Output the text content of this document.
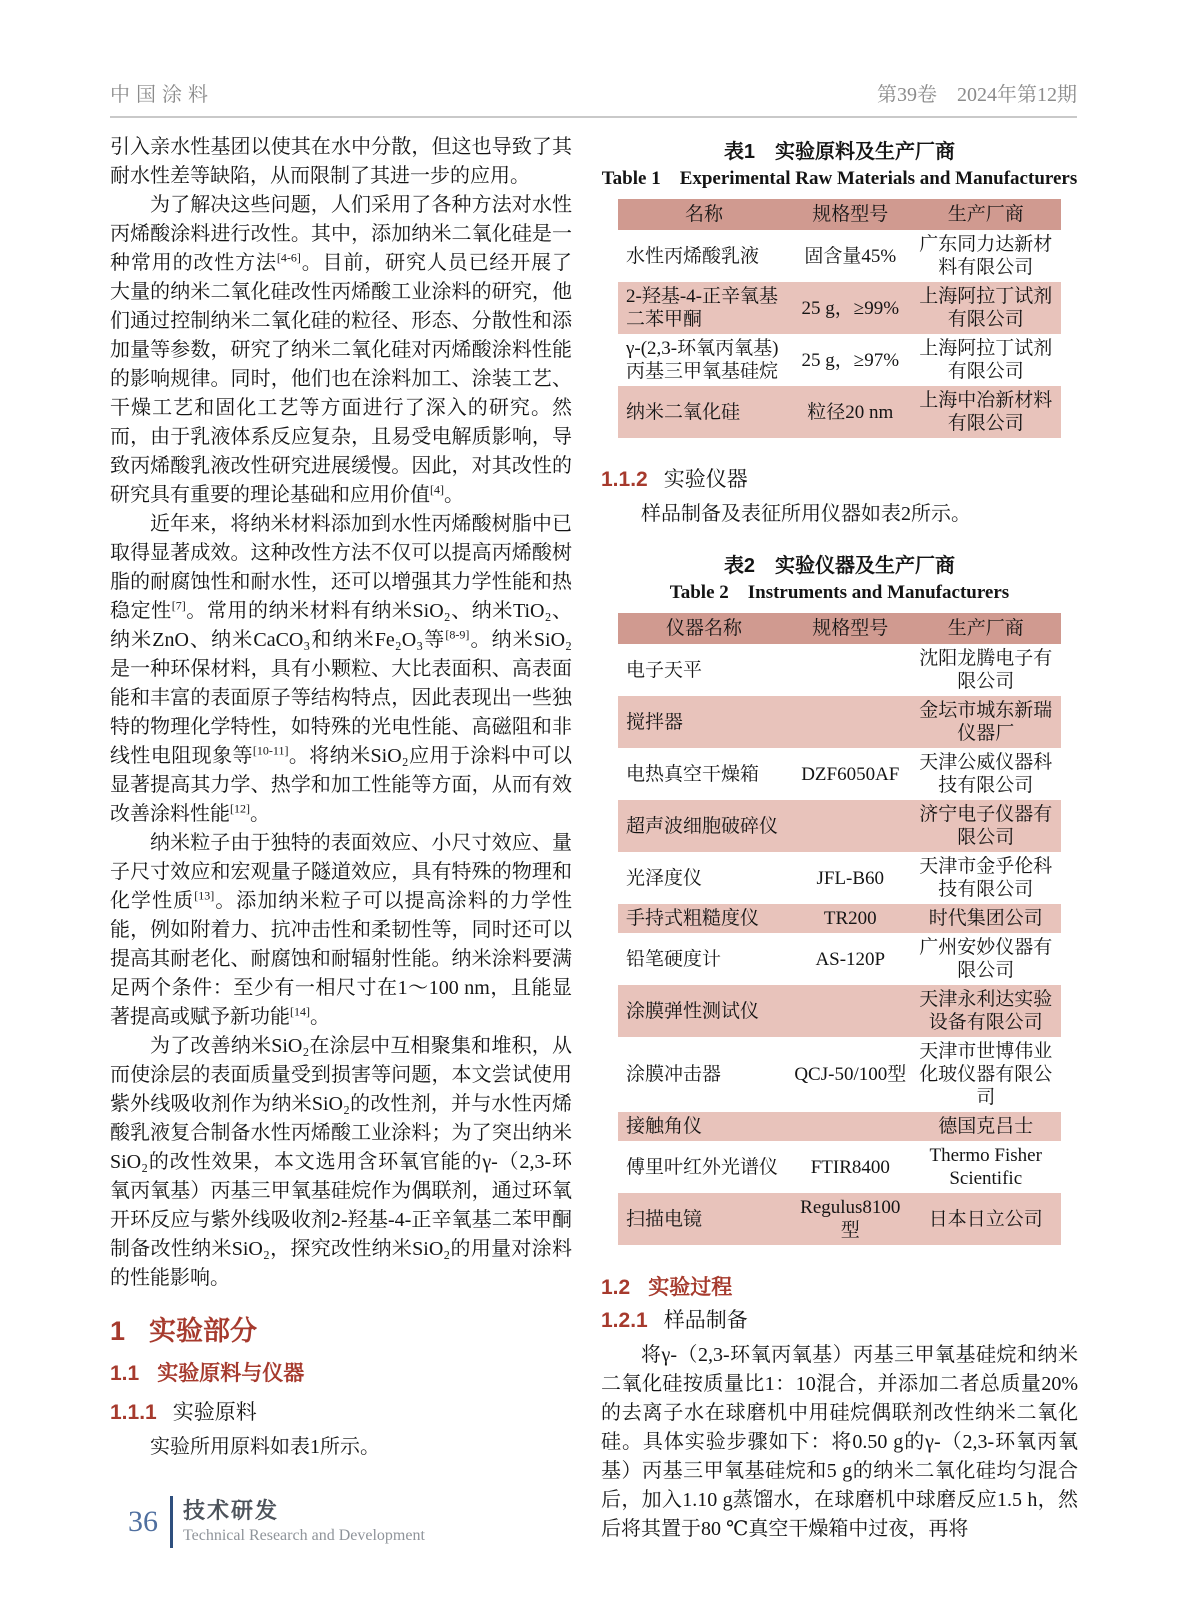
中国涂料	第39卷　2024年第12期

引入亲水性基团以使其在水中分散，但这也导致了其耐水性差等缺陷，从而限制了其进一步的应用。

为了解决这些问题，人们采用了各种方法对水性丙烯酸涂料进行改性。其中，添加纳米二氧化硅是一种常用的改性方法[4-6]。目前，研究人员已经开展了大量的纳米二氧化硅改性丙烯酸工业涂料的研究，他们通过控制纳米二氧化硅的粒径、形态、分散性和添加量等参数，研究了纳米二氧化硅对丙烯酸涂料性能的影响规律。同时，他们也在涂料加工、涂装工艺、干燥工艺和固化工艺等方面进行了深入的研究。然而，由于乳液体系反应复杂，且易受电解质影响，导致丙烯酸乳液改性研究进展缓慢。因此，对其改性的研究具有重要的理论基础和应用价值[4]。

近年来，将纳米材料添加到水性丙烯酸树脂中已取得显著成效。这种改性方法不仅可以提高丙烯酸树脂的耐腐蚀性和耐水性，还可以增强其力学性能和热稳定性[7]。常用的纳米材料有纳米SiO₂、纳米TiO₂、纳米ZnO、纳米CaCO₃和纳米Fe₂O₃等[8-9]。纳米SiO₂是一种环保材料，具有小颗粒、大比表面积、高表面能和丰富的表面原子等结构特点，因此表现出一些独特的物理化学特性，如特殊的光电性能、高磁阻和非线性电阻现象等[10-11]。将纳米SiO₂应用于涂料中可以显著提高其力学、热学和加工性能等方面，从而有效改善涂料性能[12]。

纳米粒子由于独特的表面效应、小尺寸效应、量子尺寸效应和宏观量子隧道效应，具有特殊的物理和化学性质[13]。添加纳米粒子可以提高涂料的力学性能，例如附着力、抗冲击性和柔韧性等，同时还可以提高其耐老化、耐腐蚀和耐辐射性能。纳米涂料要满足两个条件：至少有一相尺寸在1～100 nm，且能显著提高或赋予新功能[14]。

为了改善纳米SiO₂在涂层中互相聚集和堆积，从而使涂层的表面质量受到损害等问题，本文尝试使用紫外线吸收剂作为纳米SiO₂的改性剂，并与水性丙烯酸乳液复合制备水性丙烯酸工业涂料；为了突出纳米SiO₂的改性效果，本文选用含环氧官能的γ-（2,3-环氧丙氧基）丙基三甲氧基硅烷作为偶联剂，通过环氧开环反应与紫外线吸收剂2-羟基-4-正辛氧基二苯甲酮制备改性纳米SiO₂，探究改性纳米SiO₂的用量对涂料的性能影响。

1 实验部分
1.1 实验原料与仪器
1.1.1 实验原料

实验所用原料如表1所示。

表1　实验原料及生产厂商
Table 1　Experimental Raw Materials and Manufacturers
名称	规格型号	生产厂商
水性丙烯酸乳液	固含量45%	广东同力达新材料有限公司
2-羟基-4-正辛氧基二苯甲酮	25 g，≥99%	上海阿拉丁试剂有限公司
γ-(2,3-环氧丙氧基)丙基三甲氧基硅烷	25 g，≥97%	上海阿拉丁试剂有限公司
纳米二氧化硅	粒径20 nm	上海中冶新材料有限公司
1.1.2 实验仪器

样品制备及表征所用仪器如表2所示。

表2　实验仪器及生产厂商
Table 2　Instruments and Manufacturers
仪器名称	规格型号	生产厂商
电子天平		沈阳龙腾电子有限公司
搅拌器		金坛市城东新瑞仪器厂
电热真空干燥箱	DZF6050AF	天津公威仪器科技有限公司
超声波细胞破碎仪		济宁电子仪器有限公司
光泽度仪	JFL-B60	天津市金乎伦科技有限公司
手持式粗糙度仪	TR200	时代集团公司
铅笔硬度计	AS-120P	广州安妙仪器有限公司
涂膜弹性测试仪		天津永利达实验设备有限公司
涂膜冲击器	QCJ-50/100型	天津市世博伟业化玻仪器有限公司
接触角仪		德国克吕士
傅里叶红外光谱仪	FTIR8400	Thermo Fisher Scientific
扫描电镜	Regulus8100型	日本日立公司
1.2 实验过程
1.2.1 样品制备

将γ-（2,3-环氧丙氧基）丙基三甲氧基硅烷和纳米二氧化硅按质量比1：10混合，并添加二者总质量20%的去离子水在球磨机中用硅烷偶联剂改性纳米二氧化硅。具体实验步骤如下：将0.50 g的γ-（2,3-环氧丙氧基）丙基三甲氧基硅烷和5 g的纳米二氧化硅均匀混合后，加入1.10 g蒸馏水，在球磨机中球磨反应1.5 h，然后将其置于80 ℃真空干燥箱中过夜，再将

36 技术研发
Technical Research and Development
